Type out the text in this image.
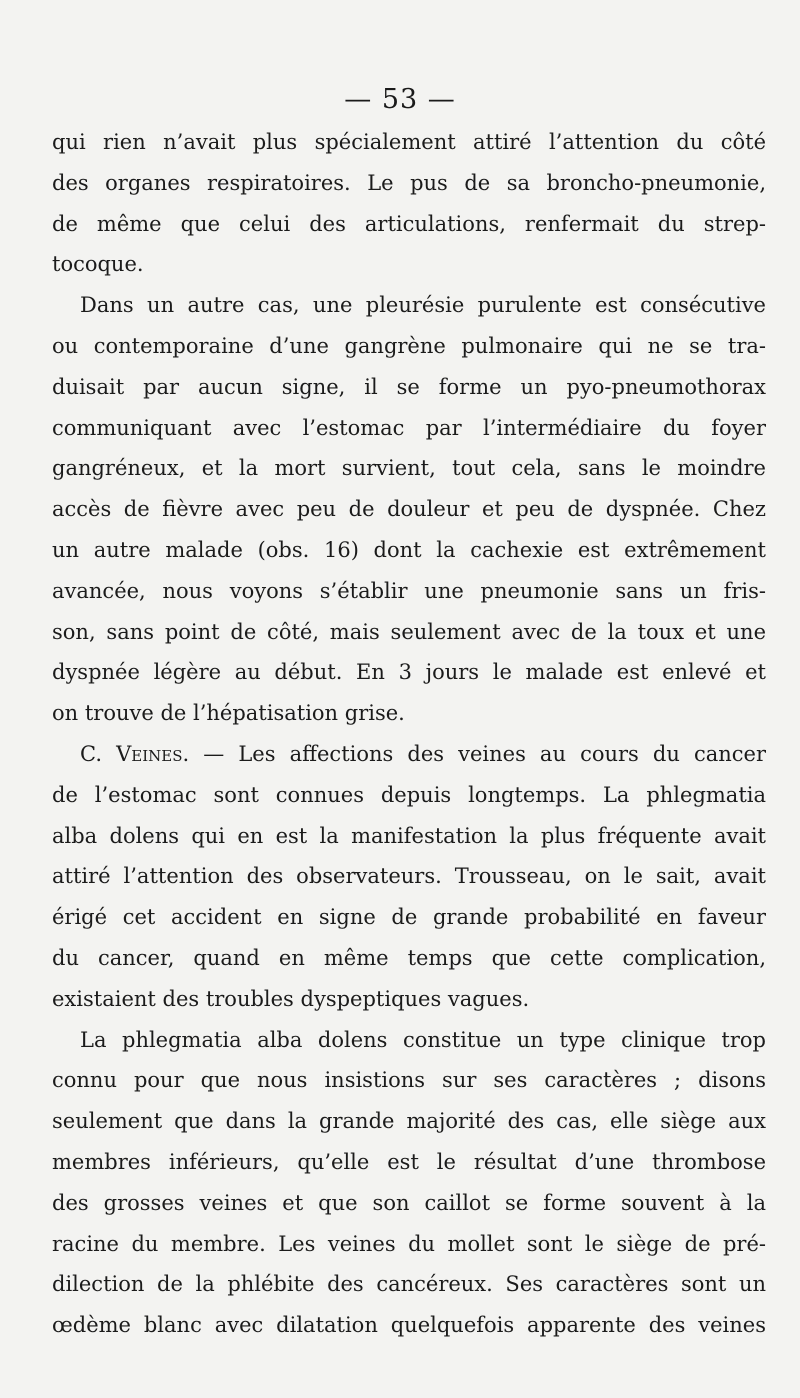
— 53 —
qui rien n’avait plus spécialement attiré l’attention du côté
des organes respiratoires. Le pus de sa broncho-pneumonie,
de même que celui des articulations, renfermait du strep-
tocoque.
Dans un autre cas, une pleurésie purulente est consécutive
ou contemporaine d’une gangrène pulmonaire qui ne se tra-
duisait par aucun signe, il se forme un pyo-pneumothorax
communiquant avec l’estomac par l’intermédiaire du foyer
gangréneux, et la mort survient, tout cela, sans le moindre
accès de fièvre avec peu de douleur et peu de dyspnée. Chez
un autre malade (obs. 16) dont la cachexie est extrêmement
avancée, nous voyons s’établir une pneumonie sans un fris-
son, sans point de côté, mais seulement avec de la toux et une
dyspnée légère au début. En 3 jours le malade est enlevé et
on trouve de l’hépatisation grise.
C. Veines. — Les affections des veines au cours du cancer
de l’estomac sont connues depuis longtemps. La phlegmatia
alba dolens qui en est la manifestation la plus fréquente avait
attiré l’attention des observateurs. Trousseau, on le sait, avait
érigé cet accident en signe de grande probabilité en faveur
du cancer, quand en même temps que cette complication,
existaient des troubles dyspeptiques vagues.
La phlegmatia alba dolens constitue un type clinique trop
connu pour que nous insistions sur ses caractères ; disons
seulement que dans la grande majorité des cas, elle siège aux
membres inférieurs, qu’elle est le résultat d’une thrombose
des grosses veines et que son caillot se forme souvent à la
racine du membre. Les veines du mollet sont le siège de pré-
dilection de la phlébite des cancéreux. Ses caractères sont un
œdème blanc avec dilatation quelquefois apparente des veines
